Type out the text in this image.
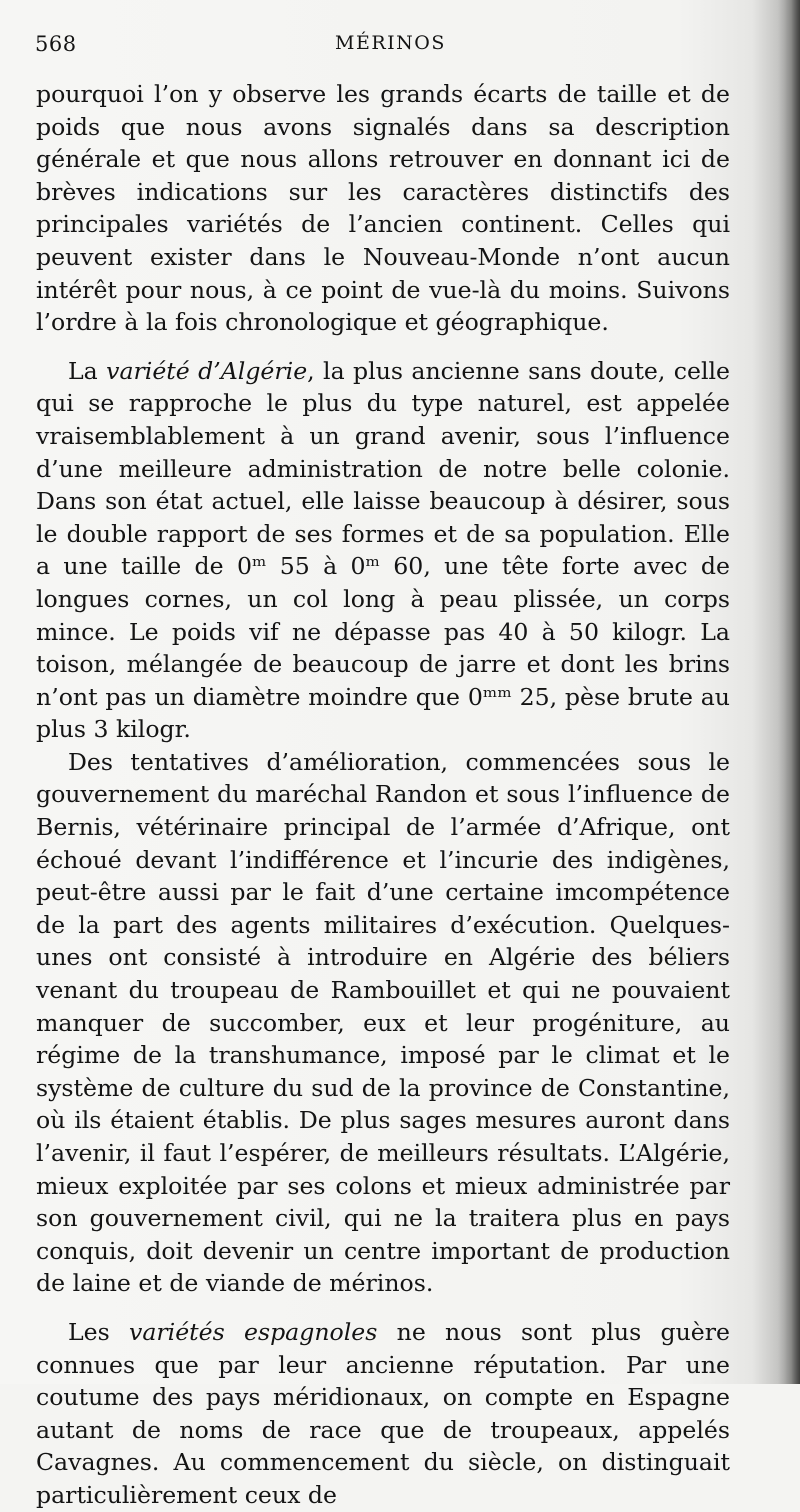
568	MÉRINOS

pourquoi l’on y observe les grands écarts de taille et de poids que nous avons signalés dans sa description générale et que nous allons retrouver en donnant ici de brèves indications sur les caractères distinctifs des principales variétés de l’ancien continent. Celles qui peuvent exister dans le Nouveau-Monde n’ont aucun intérêt pour nous, à ce point de vue-là du moins. Suivons l’ordre à la fois chronologique et géographique.

La variété d’Algérie, la plus ancienne sans doute, celle qui se rapproche le plus du type naturel, est appelée vraisemblablement à un grand avenir, sous l’influence d’une meilleure administration de notre belle colonie. Dans son état actuel, elle laisse beaucoup à désirer, sous le double rapport de ses formes et de sa population. Elle a une taille de 0ᵐ 55 à 0ᵐ 60, une tête forte avec de longues cornes, un col long à peau plissée, un corps mince. Le poids vif ne dépasse pas 40 à 50 kilogr. La toison, mélangée de beaucoup de jarre et dont les brins n’ont pas un diamètre moindre que 0ᵐᵐ 25, pèse brute au plus 3 kilogr.

Des tentatives d’amélioration, commencées sous le gouvernement du maréchal Randon et sous l’influence de Bernis, vétérinaire principal de l’armée d’Afrique, ont échoué devant l’indifférence et l’incurie des indigènes, peut-être aussi par le fait d’une certaine imcompétence de la part des agents militaires d’exécution. Quelques-unes ont consisté à introduire en Algérie des béliers venant du troupeau de Rambouillet et qui ne pouvaient manquer de succomber, eux et leur progéniture, au régime de la transhumance, imposé par le climat et le système de culture du sud de la province de Constantine, où ils étaient établis. De plus sages mesures auront dans l’avenir, il faut l’espérer, de meilleurs résultats. L’Algérie, mieux exploitée par ses colons et mieux administrée par son gouvernement civil, qui ne la traitera plus en pays conquis, doit devenir un centre important de production de laine et de viande de mérinos.

Les variétés espagnoles ne nous sont plus guère connues que par leur ancienne réputation. Par une coutume des pays méridionaux, on compte en Espagne autant de noms de race que de troupeaux, appelés Cavagnes. Au commencement du siècle, on distinguait particulièrement ceux de
